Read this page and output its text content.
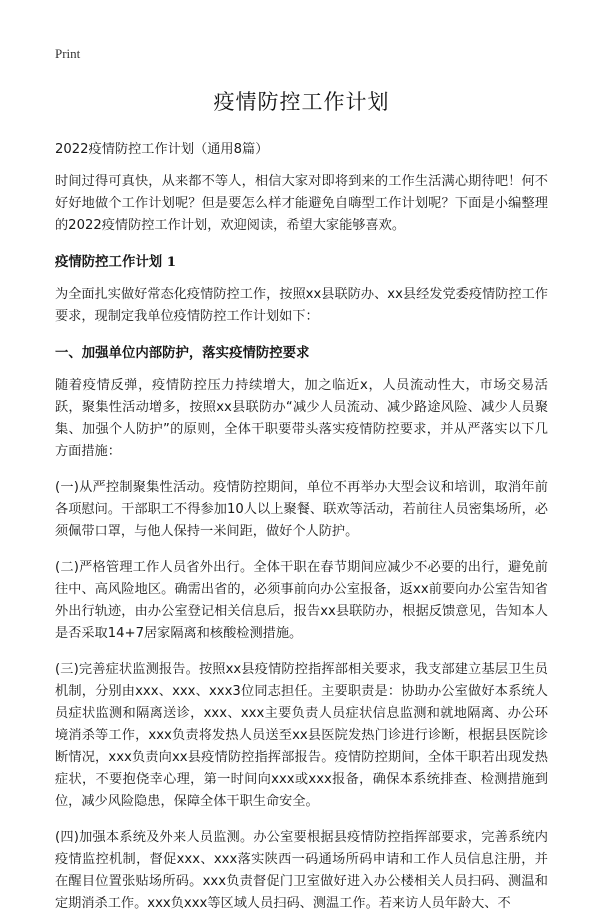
Print
疫情防控工作计划
2022疫情防控工作计划（通用8篇）

时间过得可真快，从来都不等人，相信大家对即将到来的工作生活满心期待吧！何不好好地做个工作计划呢？但是要怎么样才能避免自嗨型工作计划呢？下面是小编整理的2022疫情防控工作计划，欢迎阅读，希望大家能够喜欢。

疫情防控工作计划 1

为全面扎实做好常态化疫情防控工作，按照xx县联防办、xx县经发党委疫情防控工作要求，现制定我单位疫情防控工作计划如下：

一、加强单位内部防护，落实疫情防控要求

随着疫情反弹，疫情防控压力持续增大，加之临近x，人员流动性大，市场交易活跃，聚集性活动增多，按照xx县联防办“减少人员流动、减少路途风险、减少人员聚集、加强个人防护”的原则，全体干职要带头落实疫情防控要求，并从严落实以下几方面措施：

(一)从严控制聚集性活动。疫情防控期间，单位不再举办大型会议和培训，取消年前各项慰问。干部职工不得参加10人以上聚餐、联欢等活动，若前往人员密集场所，必须佩带口罩，与他人保持一米间距，做好个人防护。

(二)严格管理工作人员省外出行。全体干职在春节期间应减少不必要的出行，避免前往中、高风险地区。确需出省的，必须事前向办公室报备，返xx前要向办公室告知省外出行轨迹，由办公室登记相关信息后，报告xx县联防办，根据反馈意见，告知本人是否采取14+7居家隔离和核酸检测措施。

(三)完善症状监测报告。按照xx县疫情防控指挥部相关要求，我支部建立基层卫生员机制，分别由xxx、xxx、xxx3位同志担任。主要职责是：协助办公室做好本系统人员症状监测和隔离送诊，xxx、xxx主要负责人员症状信息监测和就地隔离、办公环境消杀等工作，xxx负责将发热人员送至xx县医院发热门诊进行诊断，根据县医院诊断情况，xxx负责向xx县疫情防控指挥部报告。疫情防控期间，全体干职若出现发热症状，不要抱侥幸心理，第一时间向xxx或xxx报备，确保本系统排查、检测措施到位，减少风险隐患，保障全体干职生命安全。

(四)加强本系统及外来人员监测。办公室要根据县疫情防控指挥部要求，完善系统内疫情监控机制，督促xxx、xxx落实陕西一码通场所码申请和工作人员信息注册，并在醒目位置张贴场所码。xxx负责督促门卫室做好进入办公楼相关人员扫码、测温和定期消杀工作。xxx负xxx等区域人员扫码、测温工作。若来访人员年龄大、不
